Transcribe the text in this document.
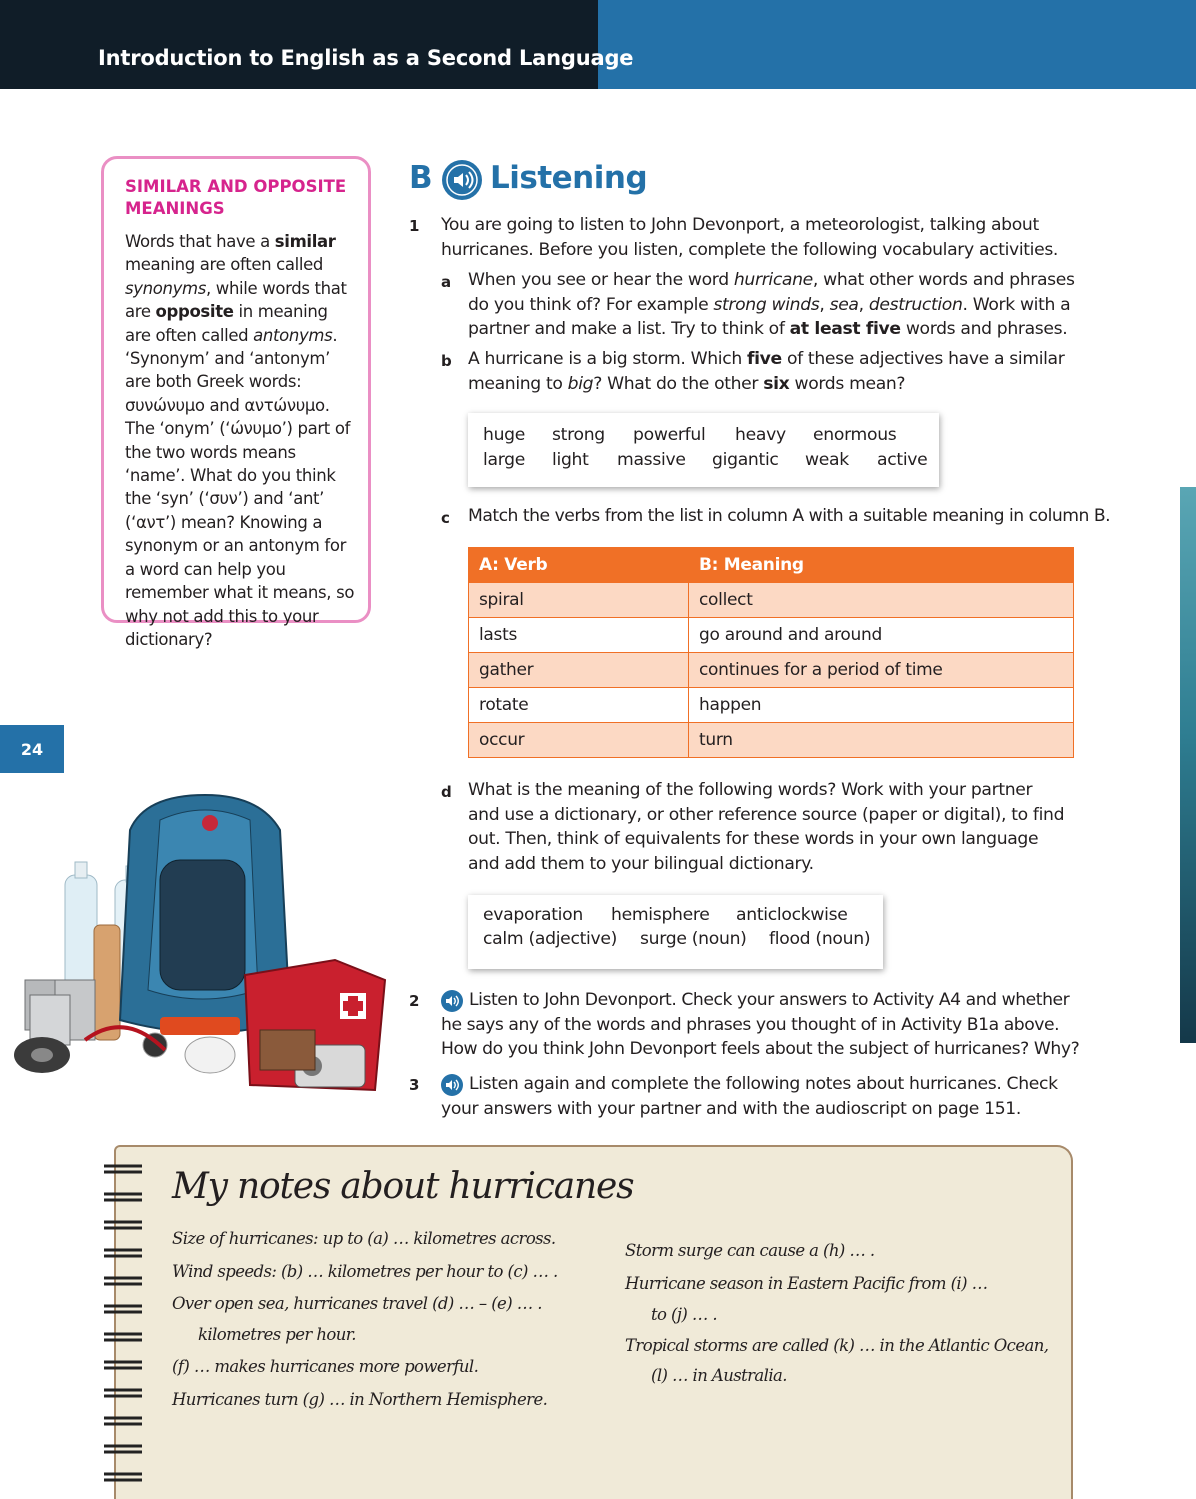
Introduction to English as a Second Language
24
SIMILAR AND OPPOSITE
MEANINGS
Words that have a similar meaning are often called synonyms, while words that are opposite in meaning are often called antonyms. ‘Synonym’ and ‘antonym’ are both Greek words: συνώνυμο and αντώνυμο. The ‘onym’ (‘ώνυμο’) part of the two words means ‘name’. What do you think the ‘syn’ (‘συν’) and ‘ant’ (‘αντ’) mean? Knowing a synonym or an antonym for a word can help you remember what it means, so why not add this to your dictionary?
B Listening
1 You are going to listen to John Devonport, a meteorologist, talking about hurricanes. Before you listen, complete the following vocabulary activities.
a When you see or hear the word hurricane, what other words and phrases do you think of? For example strong winds, sea, destruction. Work with a partner and make a list. Try to think of at least five words and phrases.
b A hurricane is a big storm. Which five of these adjectives have a similar meaning to big? What do the other six words mean?
huge strong powerful heavy enormous
large light massive gigantic weak active
c Match the verbs from the list in column A with a suitable meaning in column B.
A: Verb	B: Meaning
spiral	collect
lasts	go around and around
gather	continues for a period of time
rotate	happen
occur	turn
d What is the meaning of the following words? Work with your partner and use a dictionary, or other reference source (paper or digital), to find out. Then, think of equivalents for these words in your own language and add them to your bilingual dictionary.
evaporation hemisphere anticlockwise
calm (adjective) surge (noun) flood (noun)
2	Listen to John Devonport. Check your answers to Activity A4 and whether he says any of the words and phrases you thought of in Activity B1a above. How do you think John Devonport feels about the subject of hurricanes? Why?
3	Listen again and complete the following notes about hurricanes. Check your answers with your partner and with the audioscript on page 151.
My notes about hurricanes
Size of hurricanes: up to (a) … kilometres across.
Wind speeds: (b) … kilometres per hour to (c) … .
Over open sea, hurricanes travel (d) … – (e) … .
kilometres per hour.
(f) … makes hurricanes more powerful.
Hurricanes turn (g) … in Northern Hemisphere.
Storm surge can cause a (h) … .
Hurricane season in Eastern Pacific from (i) …
to (j) … .
Tropical storms are called (k) … in the Atlantic Ocean,
(l) … in Australia.
